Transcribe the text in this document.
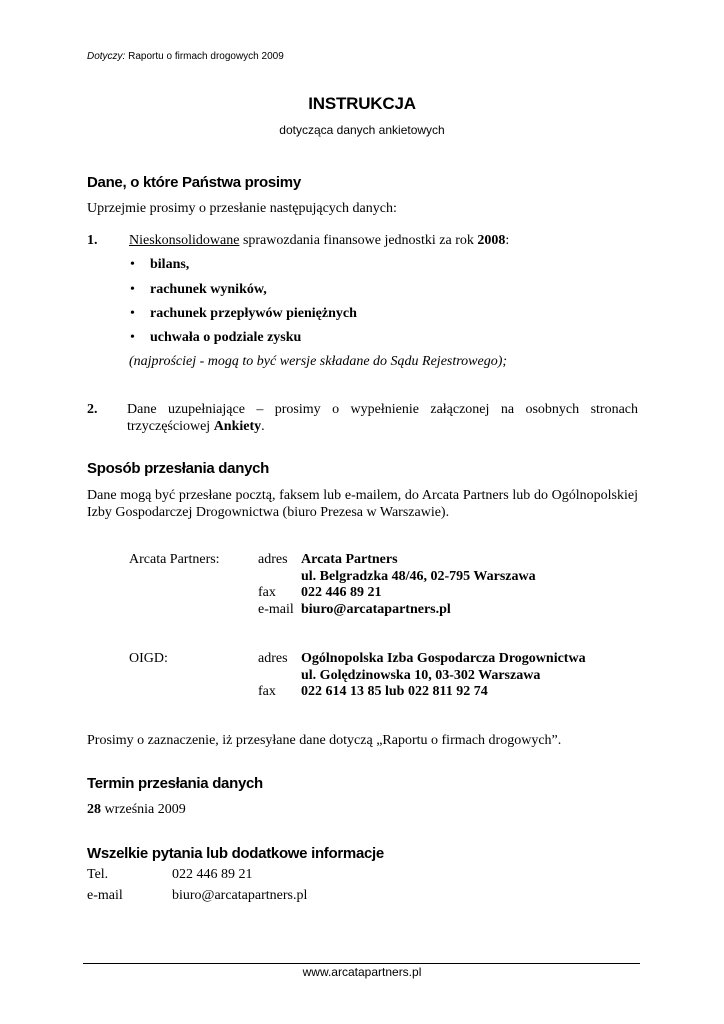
Dotyczy: Raportu o firmach drogowych 2009
INSTRUKCJA
dotycząca danych ankietowych
Dane, o które Państwa prosimy
Uprzejmie prosimy o przesłanie następujących danych:
1. Nieskonsolidowane sprawozdania finansowe jednostki za rok 2008:
• bilans,
• rachunek wyników,
• rachunek przepływów pieniężnych
• uchwała o podziale zysku
(najprościej - mogą to być wersje składane do Sądu Rejestrowego);
2. Dane uzupełniające – prosimy o wypełnienie załączonej na osobnych stronach trzyczęściowej Ankiety.
Sposób przesłania danych
Dane mogą być przesłane pocztą, faksem lub e-mailem, do Arcata Partners lub do Ogólnopolskiej Izby Gospodarczej Drogownictwa (biuro Prezesa w Warszawie).
Arcata Partners:	adres Arcata Partners
ul. Belgradzka 48/46, 02-795 Warszawa
fax 022 446 89 21
e-mail biuro@arcatapartners.pl
OIGD:	adres Ogólnopolska Izba Gospodarcza Drogownictwa
ul. Golędzinowska 10, 03-302 Warszawa
fax 022 614 13 85 lub 022 811 92 74
Prosimy o zaznaczenie, iż przesyłane dane dotyczą „Raportu o firmach drogowych”.
Termin przesłania danych
28 września 2009
Wszelkie pytania lub dodatkowe informacje
Tel.	022 446 89 21
e-mail	biuro@arcatapartners.pl
www.arcatapartners.pl
